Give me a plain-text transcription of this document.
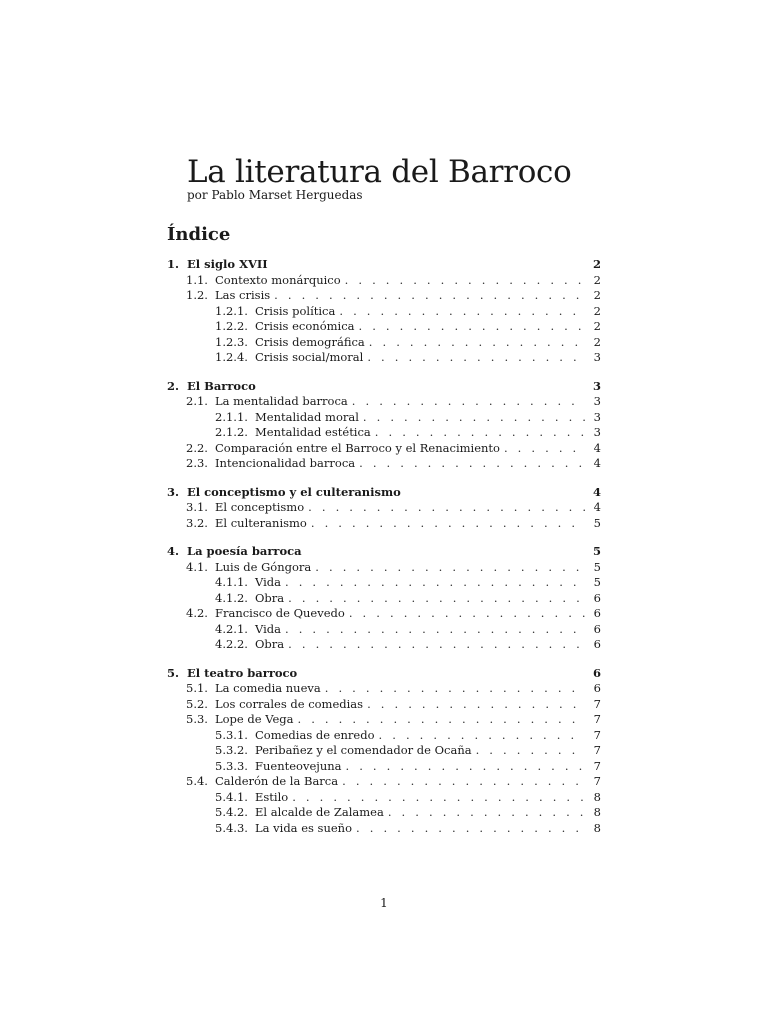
La literatura del Barroco
por Pablo Marset Herguedas
Índice
1. El siglo XVII	2
1.1. Contexto monárquico . . .	2
1.2. Las crisis . . .	2
1.2.1. Crisis política . . .	2
1.2.2. Crisis económica . . .	2
1.2.3. Crisis demográfica . . .	2
1.2.4. Crisis social/moral . . .	3
2. El Barroco	3
2.1. La mentalidad barroca . . .	3
2.1.1. Mentalidad moral . . .	3
2.1.2. Mentalidad estética . . .	3
2.2. Comparación entre el Barroco y el Renacimiento . . .	4
2.3. Intencionalidad barroca . . .	4
3. El conceptismo y el culteranismo	4
3.1. El conceptismo . . .	4
3.2. El culteranismo . . .	5
4. La poesía barroca	5
4.1. Luis de Góngora . . .	5
4.1.1. Vida . . .	5
4.1.2. Obra . . .	6
4.2. Francisco de Quevedo . . .	6
4.2.1. Vida . . .	6
4.2.2. Obra . . .	6
5. El teatro barroco	6
5.1. La comedia nueva . . .	6
5.2. Los corrales de comedias . . .	7
5.3. Lope de Vega . . .	7
5.3.1. Comedias de enredo . . .	7
5.3.2. Peribañez y el comendador de Ocaña . . .	7
5.3.3. Fuenteovejuna . . .	7
5.4. Calderón de la Barca . . .	7
5.4.1. Estilo . . .	8
5.4.2. El alcalde de Zalamea . . .	8
5.4.3. La vida es sueño . . .	8
1
